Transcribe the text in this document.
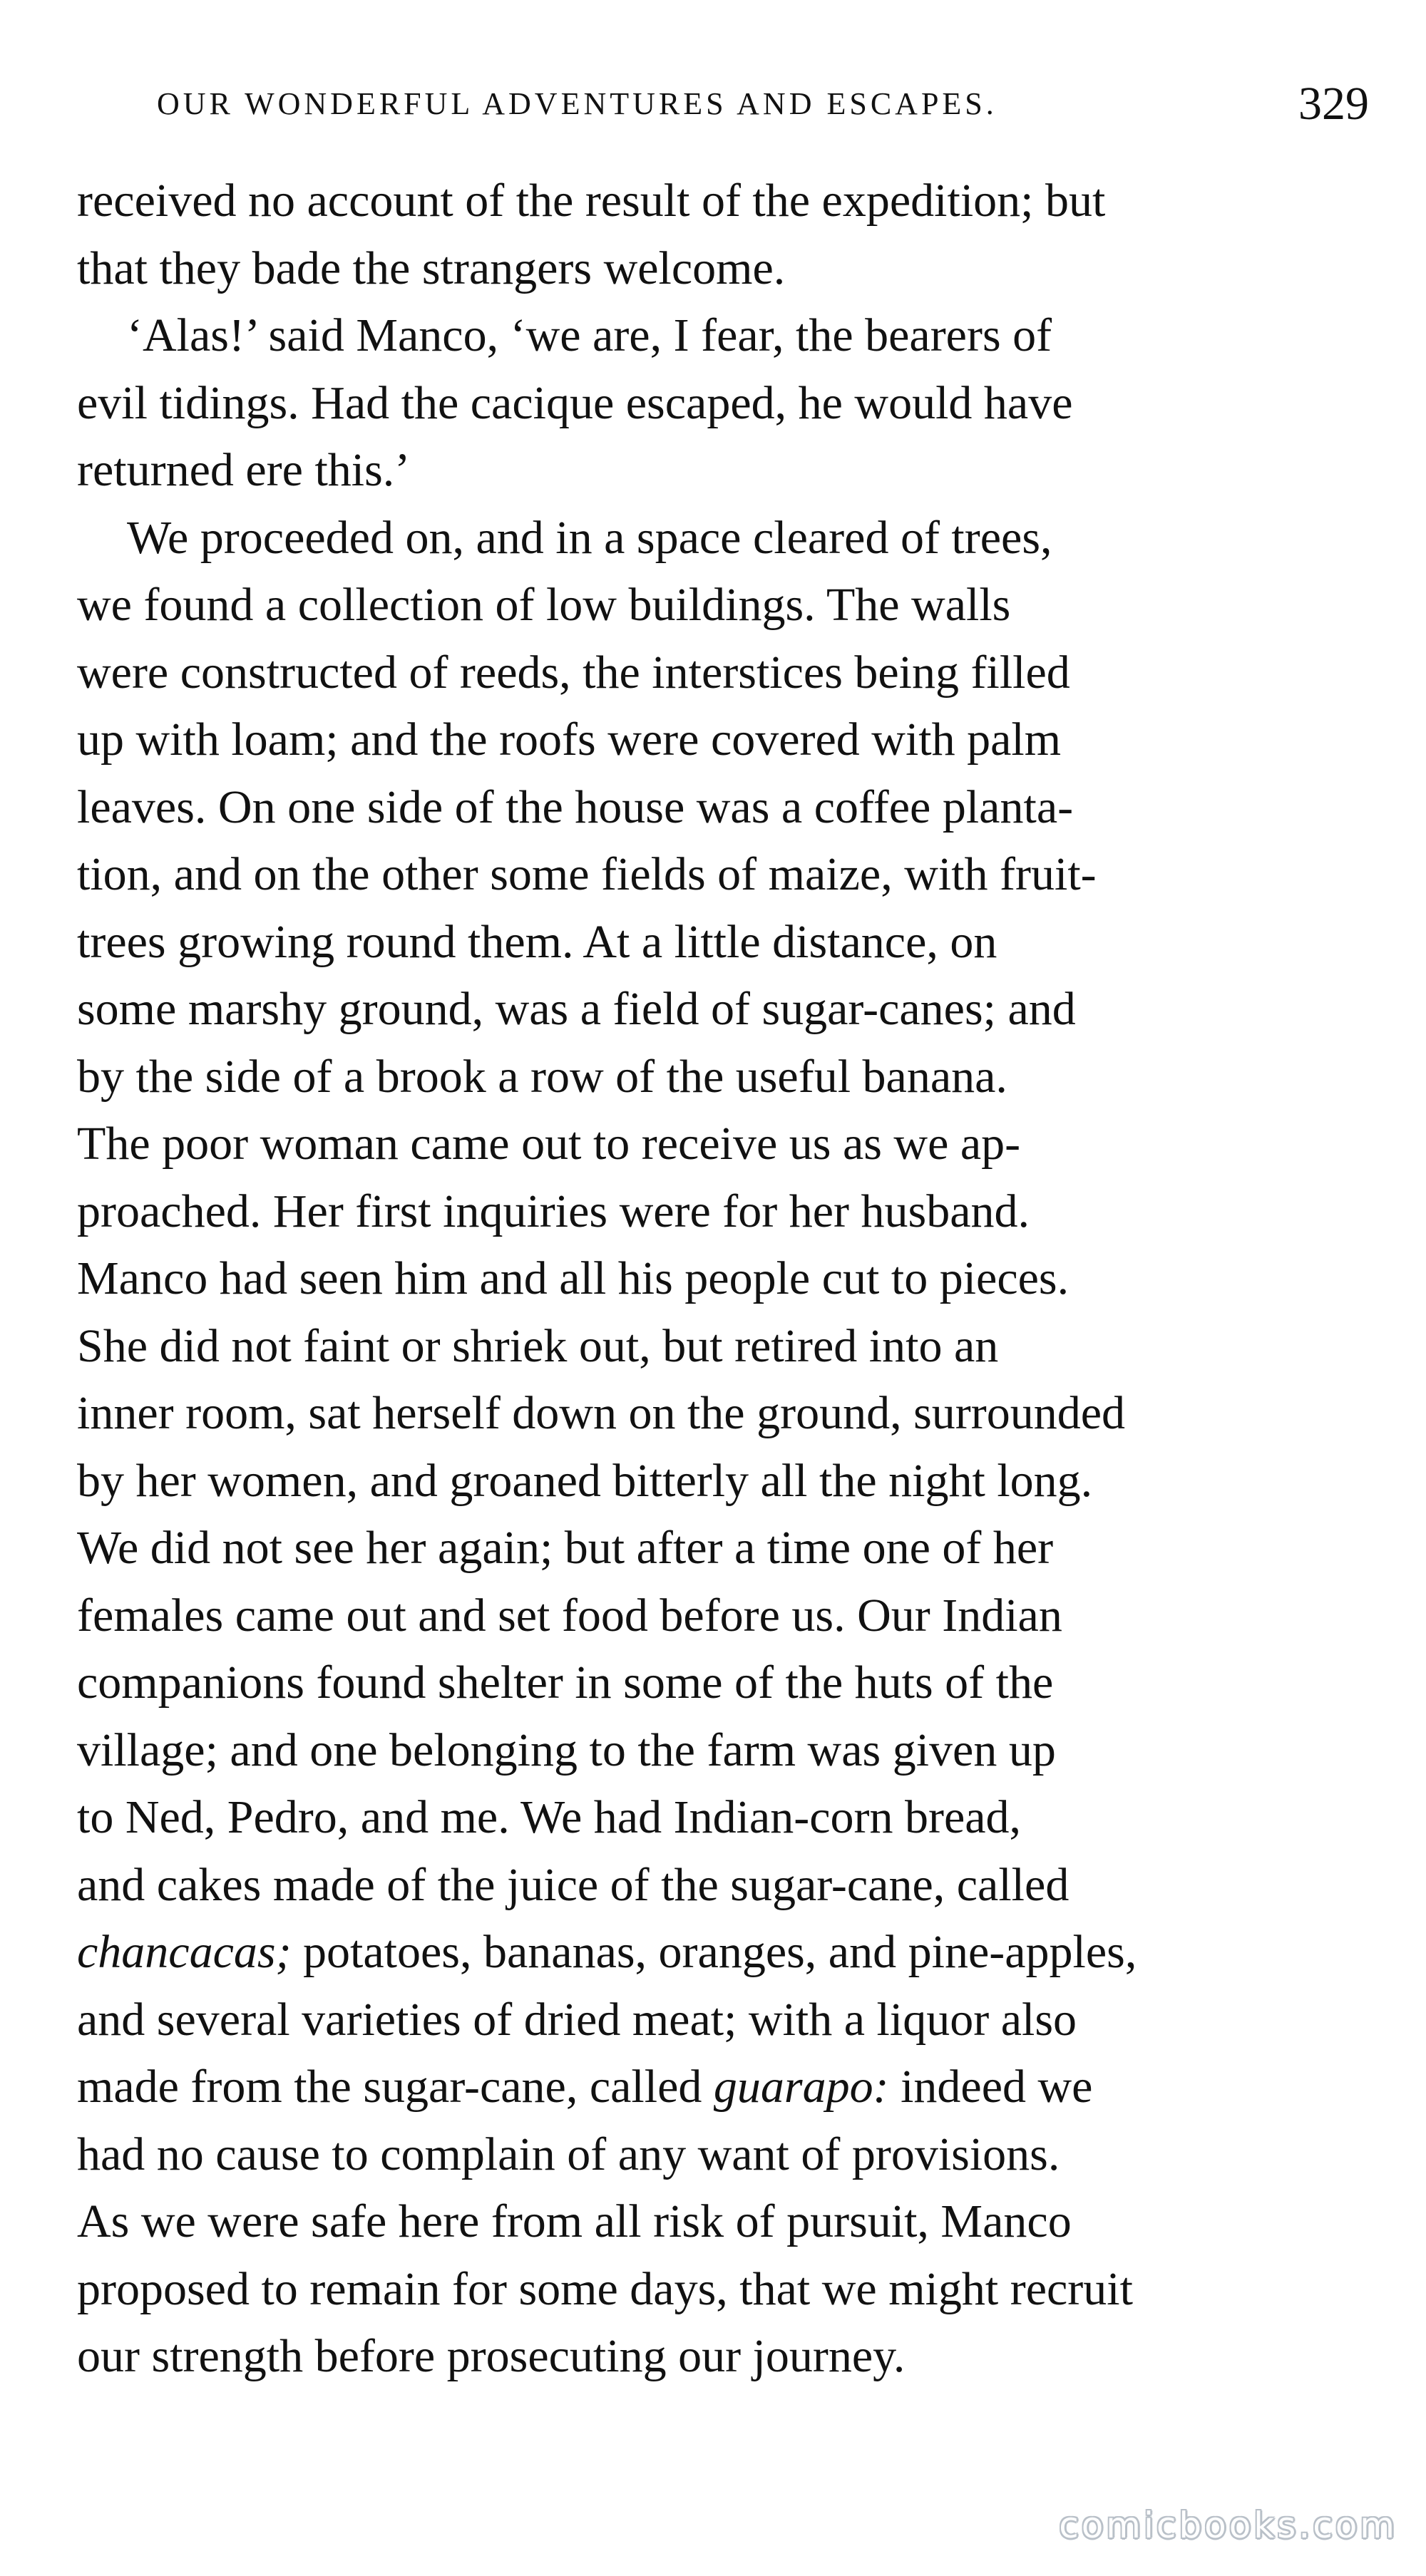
OUR WONDERFUL ADVENTURES AND ESCAPES.	329
received no account of the result of the expedition; but
that they bade the strangers welcome.
‘Alas!’ said Manco, ‘we are, I fear, the bearers of
evil tidings. Had the cacique escaped, he would have
returned ere this.’
We proceeded on, and in a space cleared of trees,
we found a collection of low buildings. The walls
were constructed of reeds, the interstices being filled
up with loam; and the roofs were covered with palm
leaves. On one side of the house was a coffee planta-
tion, and on the other some fields of maize, with fruit-
trees growing round them. At a little distance, on
some marshy ground, was a field of sugar-canes; and
by the side of a brook a row of the useful banana.
The poor woman came out to receive us as we ap-
proached. Her first inquiries were for her husband.
Manco had seen him and all his people cut to pieces.
She did not faint or shriek out, but retired into an
inner room, sat herself down on the ground, surrounded
by her women, and groaned bitterly all the night long.
We did not see her again; but after a time one of her
females came out and set food before us. Our Indian
companions found shelter in some of the huts of the
village; and one belonging to the farm was given up
to Ned, Pedro, and me. We had Indian-corn bread,
and cakes made of the juice of the sugar-cane, called
chancacas; potatoes, bananas, oranges, and pine-apples,
and several varieties of dried meat; with a liquor also
made from the sugar-cane, called guarapo: indeed we
had no cause to complain of any want of provisions.
As we were safe here from all risk of pursuit, Manco
proposed to remain for some days, that we might recruit
our strength before prosecuting our journey.
comicbooks.com
